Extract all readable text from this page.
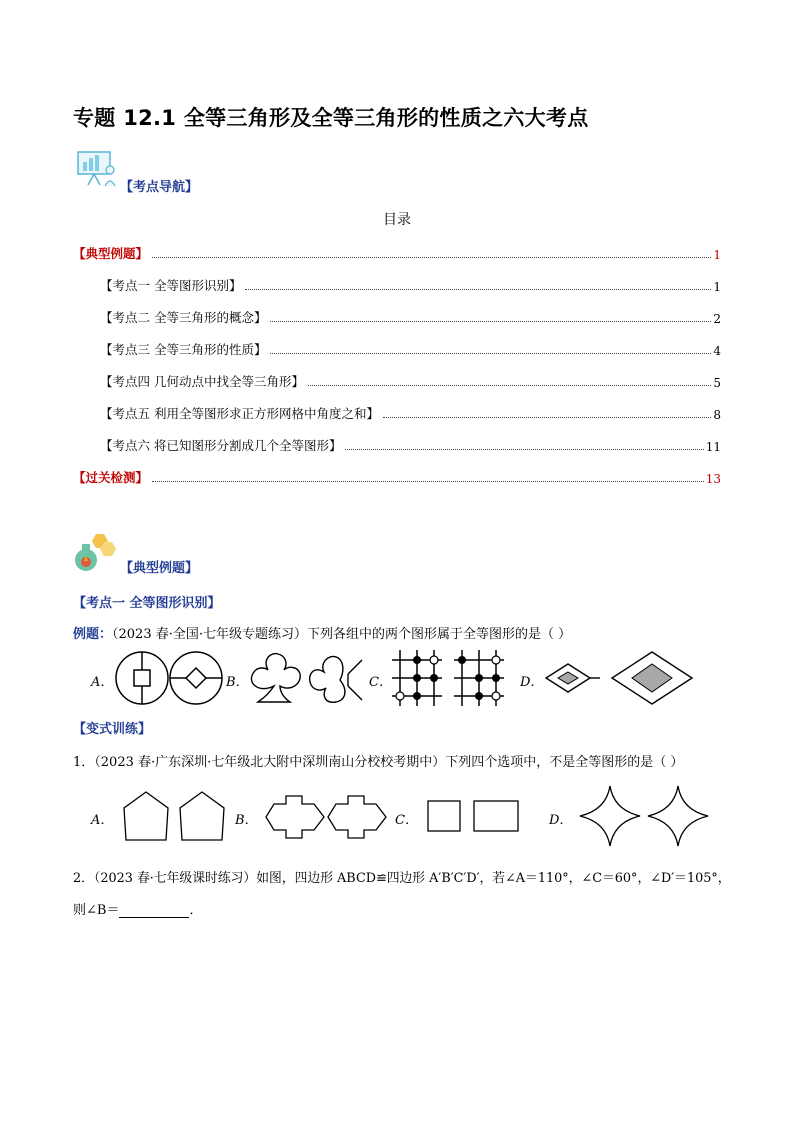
专题 12.1 全等三角形及全等三角形的性质之六大考点
【考点导航】
目录
【典型例题】	1
【考点一 全等图形识别】	1
【考点二 全等三角形的概念】	2
【考点三 全等三角形的性质】	4
【考点四 几何动点中找全等三角形】	5
【考点五 利用全等图形求正方形网格中角度之和】	8
【考点六 将已知图形分割成几个全等图形】	11
【过关检测】	13
【典型例题】
【考点一 全等图形识别】
例题：（2023 春·全国·七年级专题练习）下列各组中的两个图形属于全等图形的是（ ）
A．	B．	C．	D．
【变式训练】
1．（2023 春·广东深圳·七年级北大附中深圳南山分校校考期中）下列四个选项中，不是全等图形的是（ ）
A．	B．	C．	D．
2．（2023 春·七年级课时练习）如图，四边形 ABCD≌四边形 A′B′C′D′，若∠A＝110°，∠C＝60°，∠D′＝105°，
则∠B＝	．
